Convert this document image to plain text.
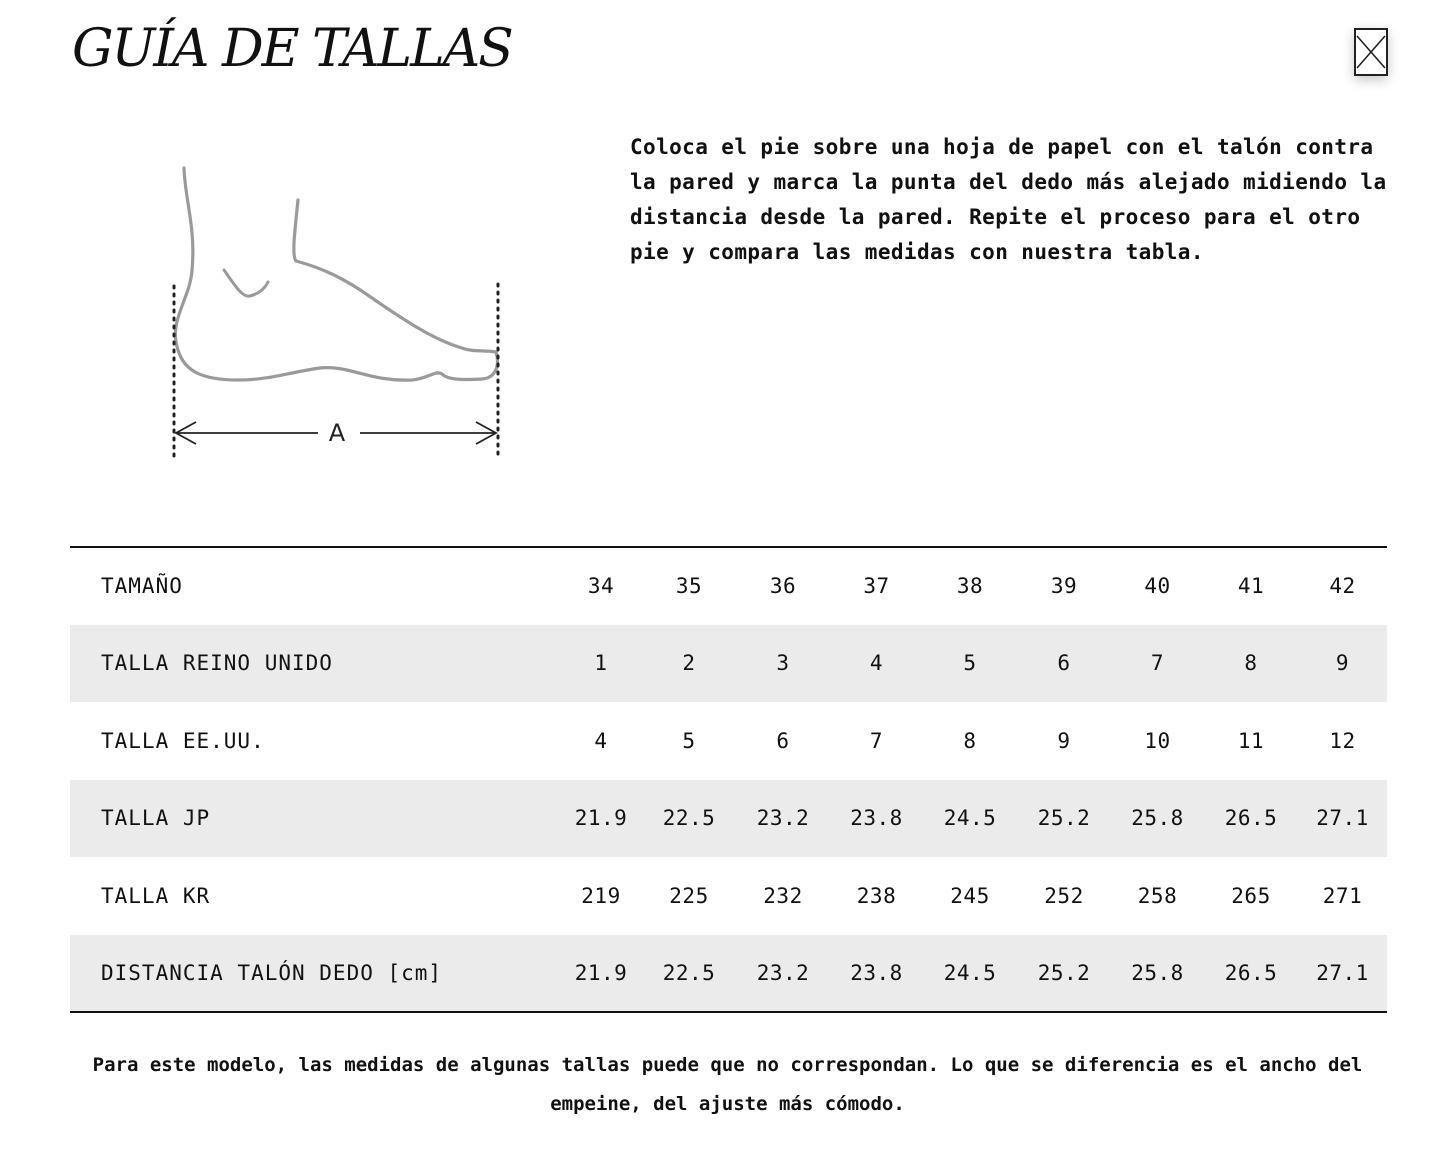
GUÍA DE TALLAS
A

Coloca el pie sobre una hoja de papel con el talón contra la pared y marca la punta del dedo más alejado midiendo la distancia desde la pared. Repite el proceso para el otro pie y compara las medidas con nuestra tabla.

TAMAÑO	34	35	36	37	38	39	40	41	42
TALLA REINO UNIDO	1	2	3	4	5	6	7	8	9
TALLA EE.UU.	4	5	6	7	8	9	10	11	12
TALLA JP	21.9	22.5	23.2	23.8	24.5	25.2	25.8	26.5	27.1
TALLA KR	219	225	232	238	245	252	258	265	271
DISTANCIA TALÓN DEDO [cm]	21.9	22.5	23.2	23.8	24.5	25.2	25.8	26.5	27.1

Para este modelo, las medidas de algunas tallas puede que no correspondan. Lo que se diferencia es el ancho del empeine, del ajuste más cómodo.
